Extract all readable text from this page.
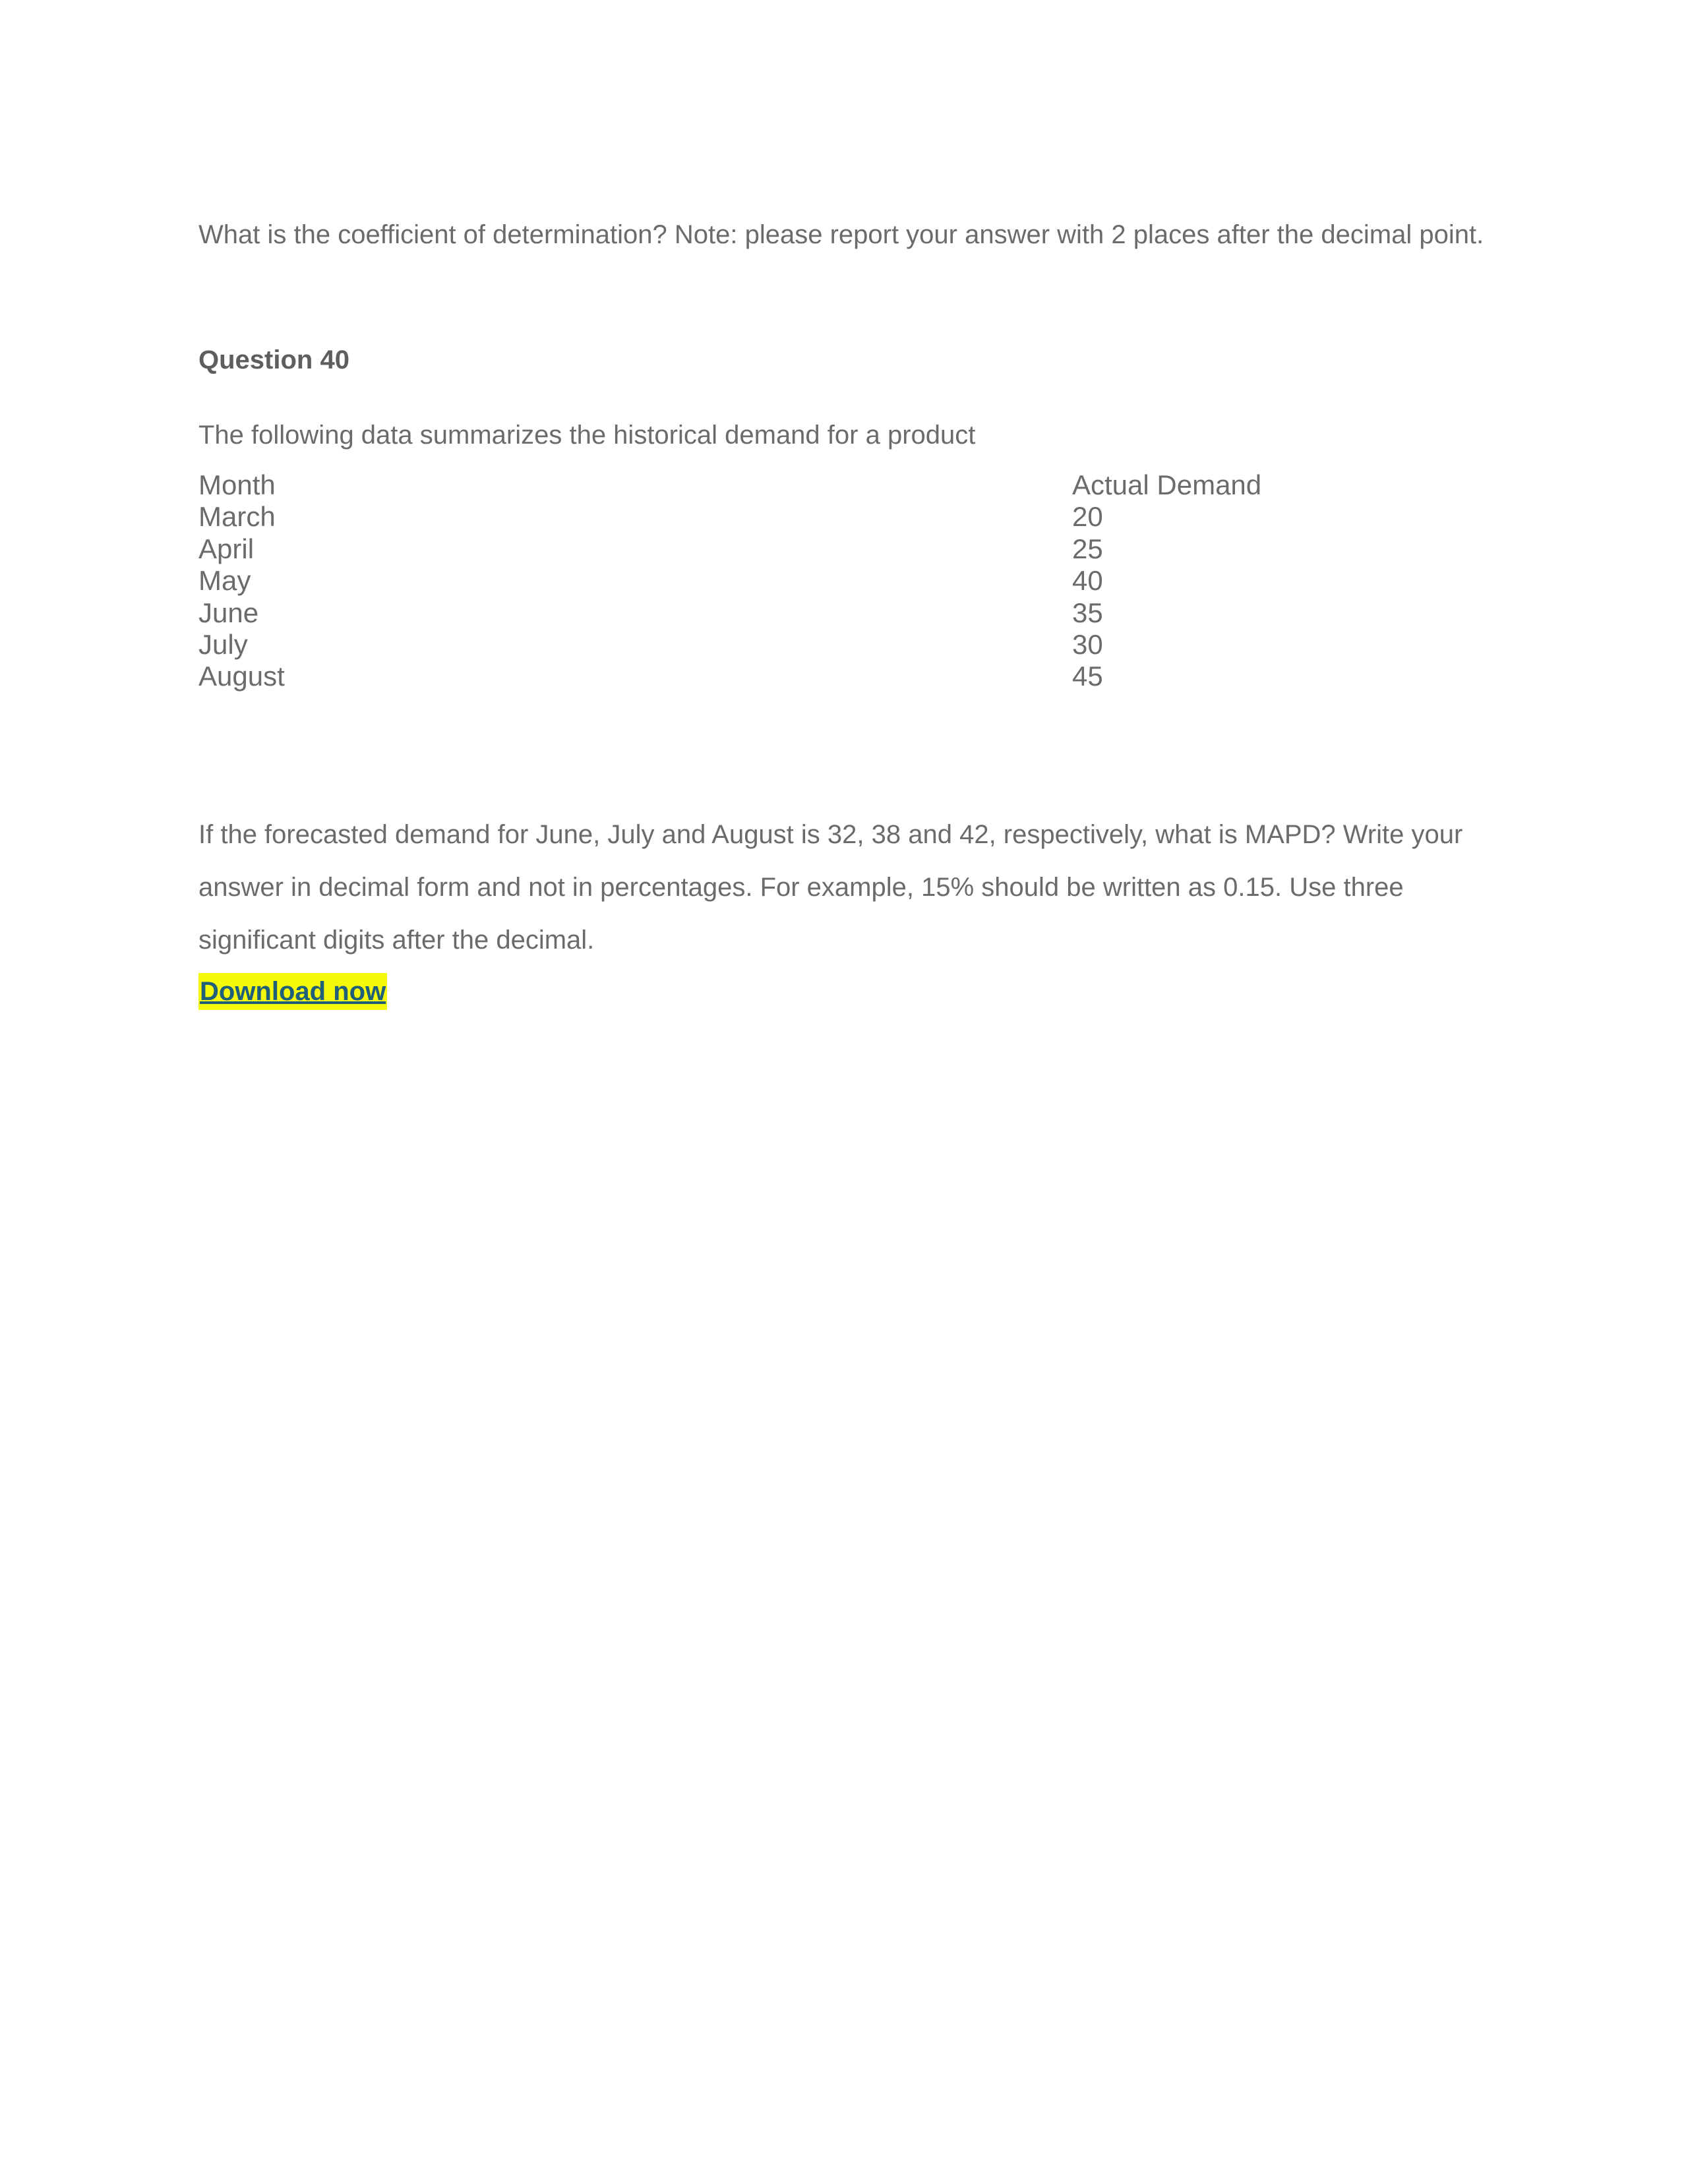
What is the coefficient of determination? Note: please report your answer with 2 places after the decimal point.

Question 40

The following data summarizes the historical demand for a product

Month	Actual Demand
March	20
April	25
May	40
June	35
July	30
August	45

If the forecasted demand for June, July and August is 32, 38 and 42, respectively, what is MAPD? Write your answer in decimal form and not in percentages. For example, 15% should be written as 0.15. Use three significant digits after the decimal.

Download now
